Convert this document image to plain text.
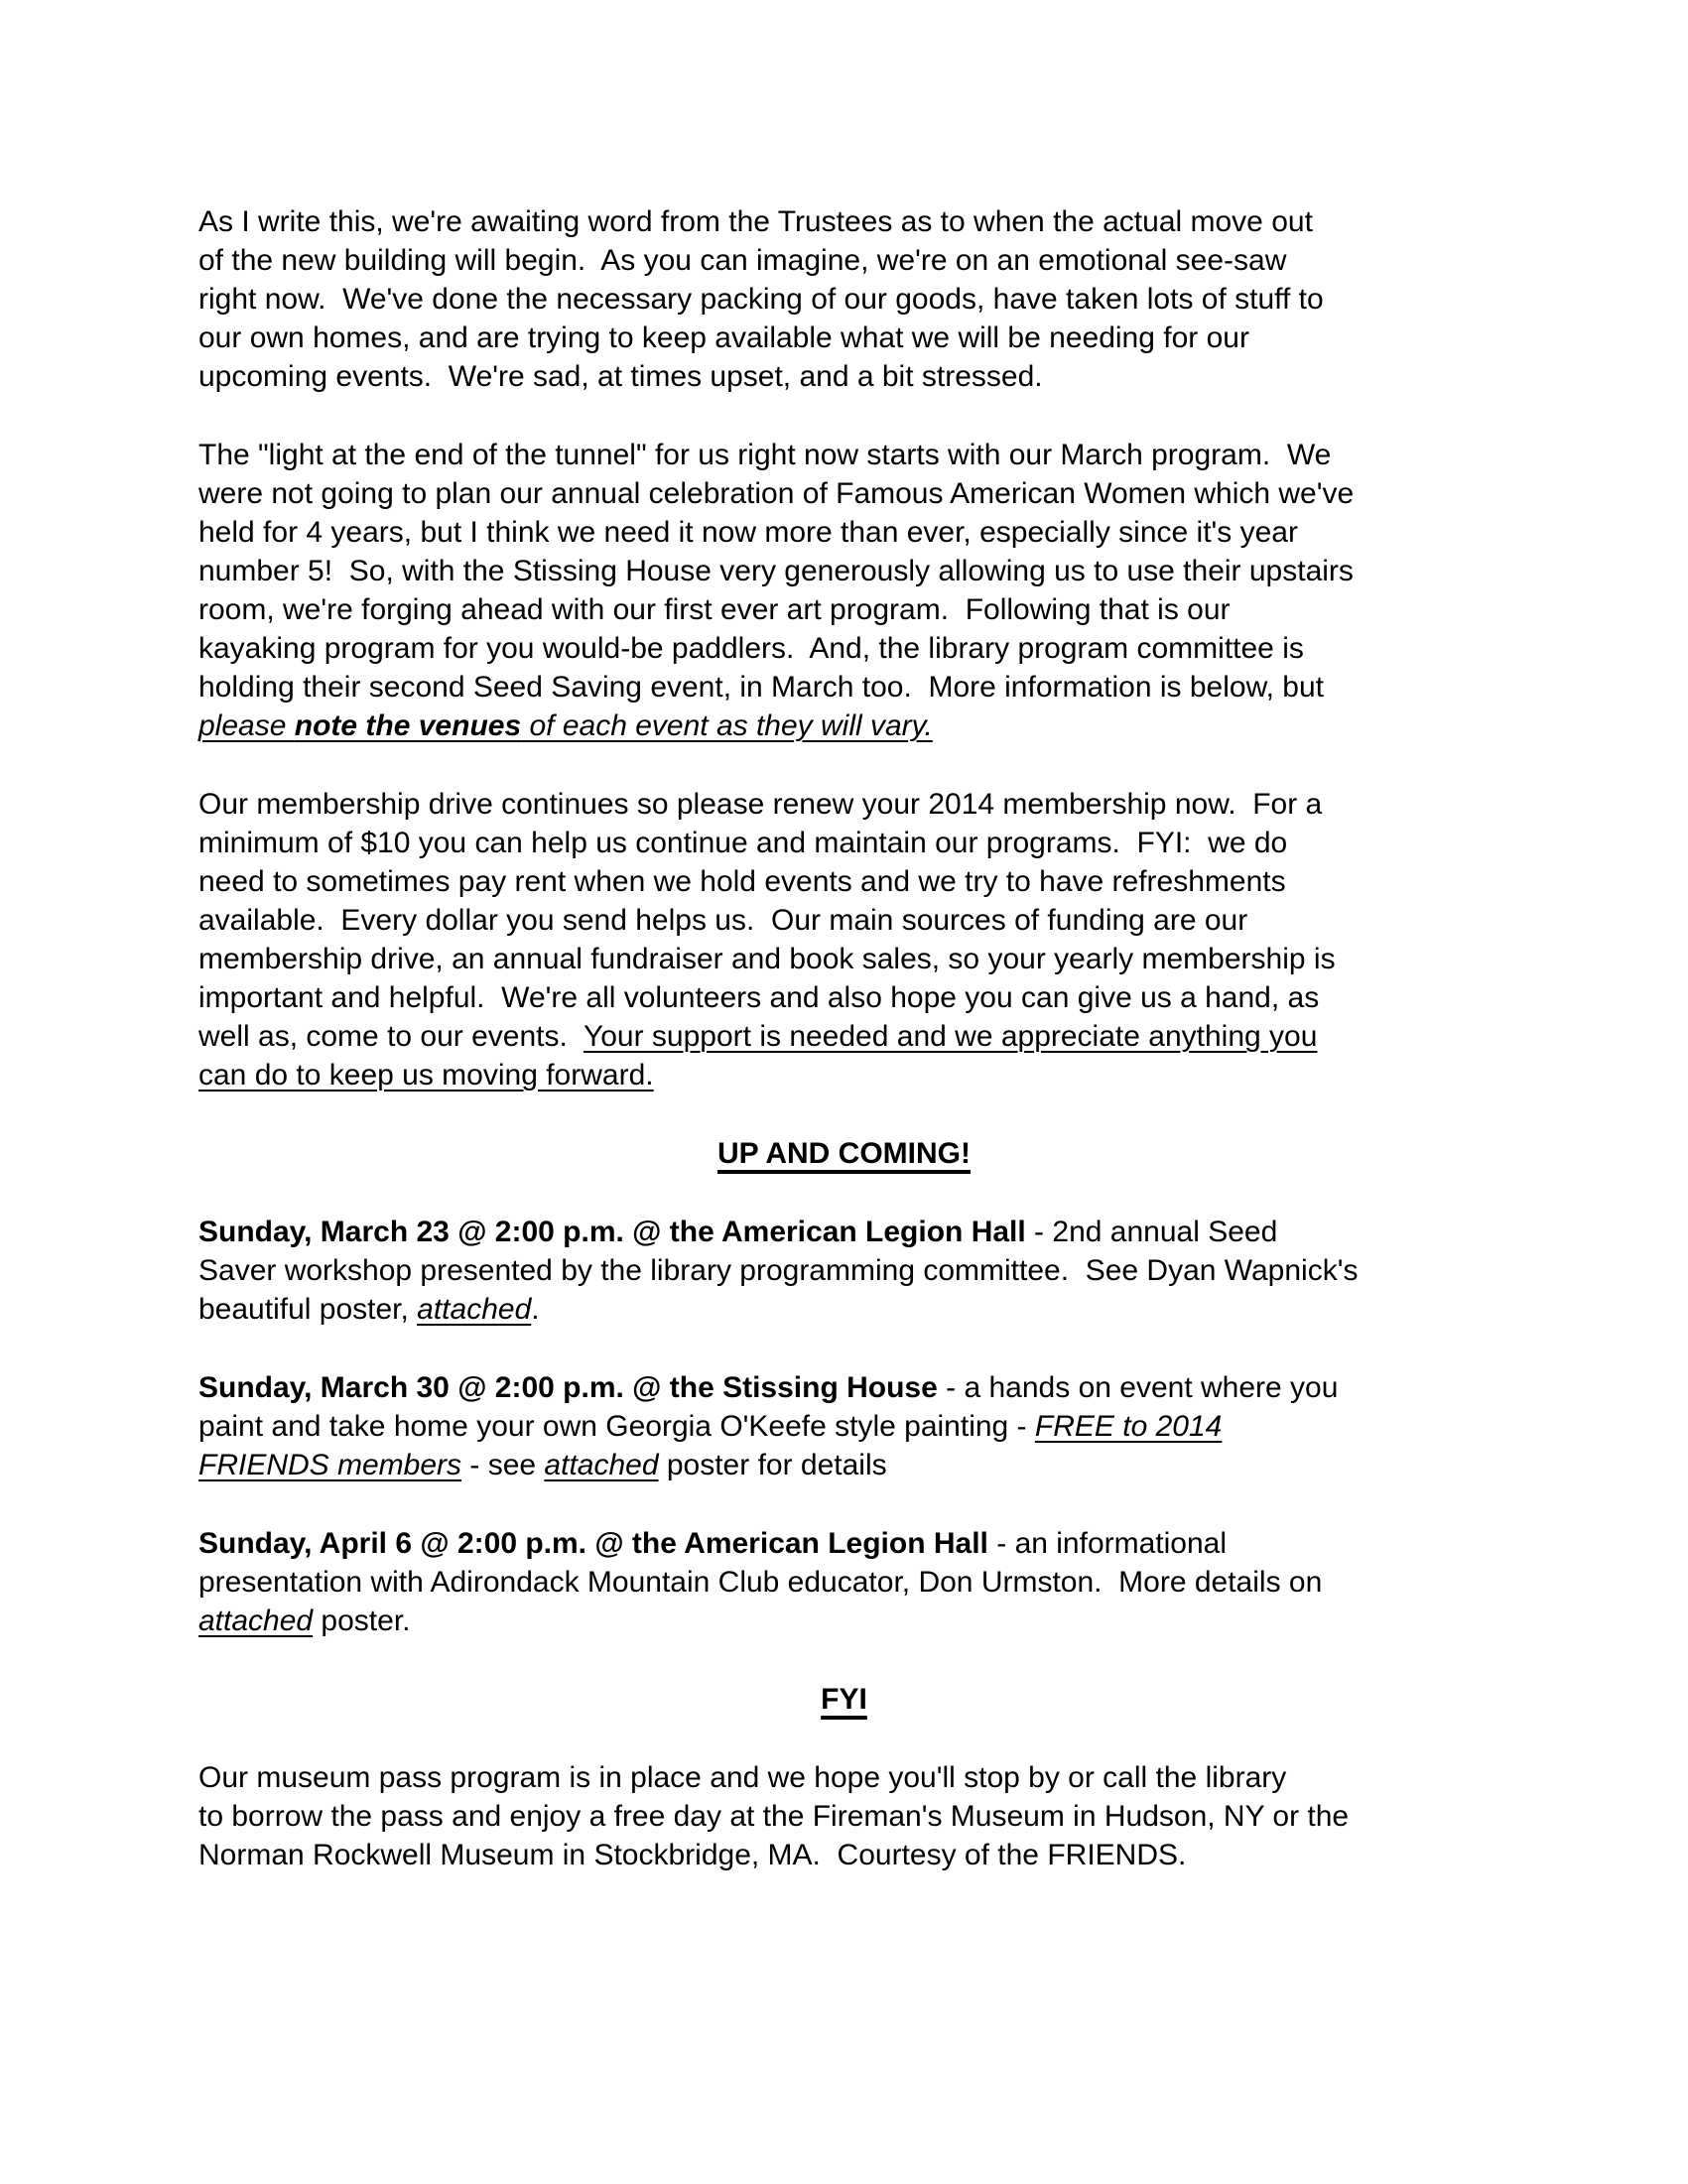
As I write this, we're awaiting word from the Trustees as to when the actual move out
of the new building will begin.  As you can imagine, we're on an emotional see-saw
right now.  We've done the necessary packing of our goods, have taken lots of stuff to
our own homes, and are trying to keep available what we will be needing for our
upcoming events.  We're sad, at times upset, and a bit stressed.
The "light at the end of the tunnel" for us right now starts with our March program.  We
were not going to plan our annual celebration of Famous American Women which we've
held for 4 years, but I think we need it now more than ever, especially since it's year
number 5!  So, with the Stissing House very generously allowing us to use their upstairs
room, we're forging ahead with our first ever art program.  Following that is our
kayaking program for you would-be paddlers.  And, the library program committee is
holding their second Seed Saving event, in March too.  More information is below, but
please note the venues of each event as they will vary.
Our membership drive continues so please renew your 2014 membership now.  For a
minimum of $10 you can help us continue and maintain our programs.  FYI:  we do
need to sometimes pay rent when we hold events and we try to have refreshments
available.  Every dollar you send helps us.  Our main sources of funding are our
membership drive, an annual fundraiser and book sales, so your yearly membership is
important and helpful.  We're all volunteers and also hope you can give us a hand, as
well as, come to our events.  Your support is needed and we appreciate anything you
can do to keep us moving forward.
UP AND COMING!
Sunday, March 23 @ 2:00 p.m. @ the American Legion Hall - 2nd annual Seed
Saver workshop presented by the library programming committee.  See Dyan Wapnick's
beautiful poster, attached.
Sunday, March 30 @ 2:00 p.m. @ the Stissing House - a hands on event where you
paint and take home your own Georgia O'Keefe style painting - FREE to 2014
FRIENDS members - see attached poster for details
Sunday, April 6 @ 2:00 p.m. @ the American Legion Hall - an informational
presentation with Adirondack Mountain Club educator, Don Urmston.  More details on
attached poster.
FYI
Our museum pass program is in place and we hope you'll stop by or call the library
to borrow the pass and enjoy a free day at the Fireman's Museum in Hudson, NY or the
Norman Rockwell Museum in Stockbridge, MA.  Courtesy of the FRIENDS.
